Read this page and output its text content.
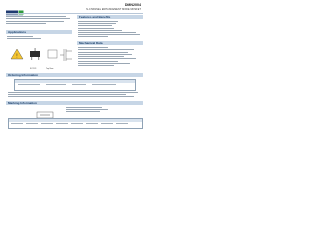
DMN2004
N-CHANNEL ENHANCEMENT MODE MOSFET
Features and Benefits
Applications
Mechanical Data
!
SOT-23	Top View
Ordering Information
Marking Information
